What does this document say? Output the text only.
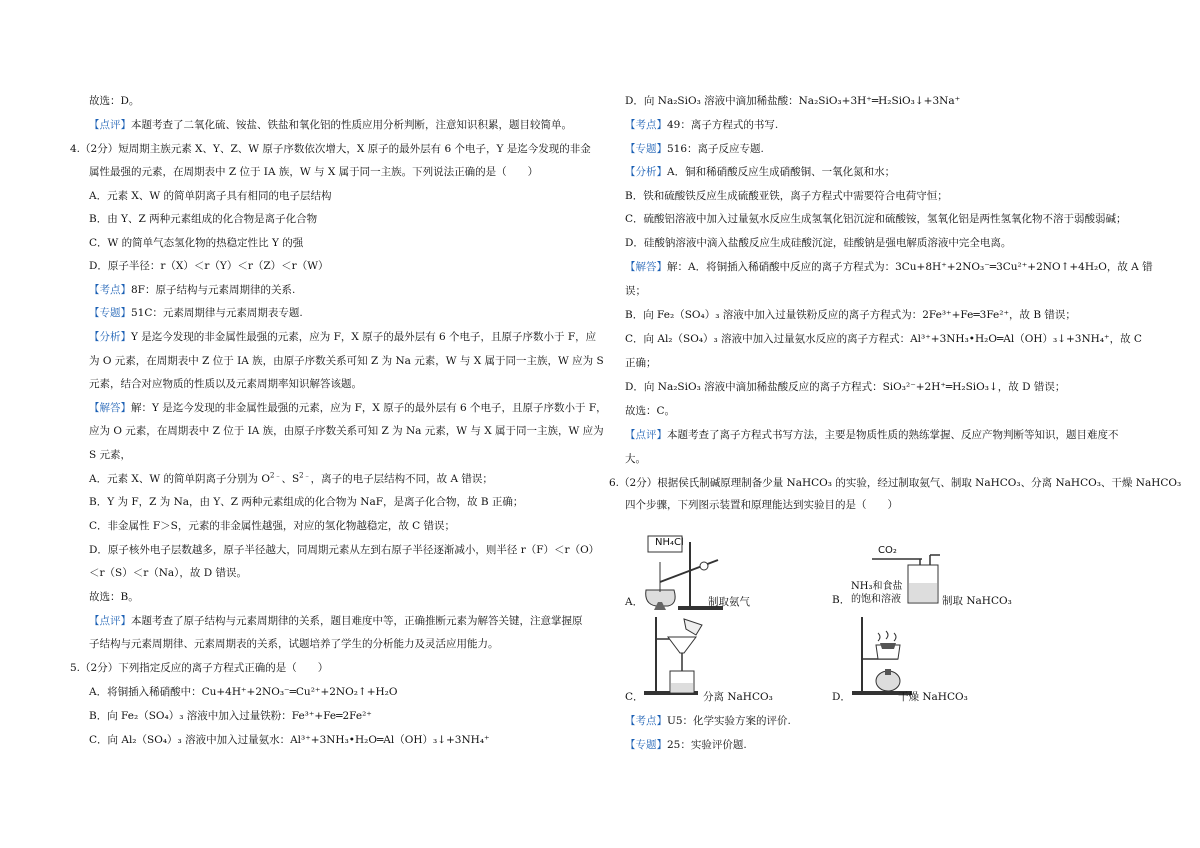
故选：D。
【点评】本题考查了二氧化硫、铵盐、铁盐和氧化铝的性质应用分析判断，注意知识积累，题目较简单。
4.（2分）短周期主族元素 X、Y、Z、W 原子序数依次增大，X 原子的最外层有 6 个电子，Y 是迄今发现的非金
属性最强的元素，在周期表中 Z 位于 IA 族，W 与 X 属于同一主族。下列说法正确的是（　　）
A．元素 X、W 的简单阴离子具有相同的电子层结构
B．由 Y、Z 两种元素组成的化合物是离子化合物
C．W 的简单气态氢化物的热稳定性比 Y 的强
D．原子半径：r（X）＜r（Y）＜r（Z）＜r（W）
【考点】8F：原子结构与元素周期律的关系.
【专题】51C：元素周期律与元素周期表专题.
【分析】Y 是迄今发现的非金属性最强的元素，应为 F，X 原子的最外层有 6 个电子，且原子序数小于 F，应
为 O 元素，在周期表中 Z 位于 IA 族，由原子序数关系可知 Z 为 Na 元素，W 与 X 属于同一主族，W 应为 S
元素，结合对应物质的性质以及元素周期率知识解答该题。
【解答】解：Y 是迄今发现的非金属性最强的元素，应为 F，X 原子的最外层有 6 个电子，且原子序数小于 F，
应为 O 元素，在周期表中 Z 位于 IA 族，由原子序数关系可知 Z 为 Na 元素，W 与 X 属于同一主族，W 应为
S 元素，
A．元素 X、W 的简单阴离子分别为 $O^{2﹣}$、$S^{2﹣}$，离子的电子层结构不同，故 A 错误；
B．Y 为 F，Z 为 Na，由 Y、Z 两种元素组成的化合物为 NaF，是离子化合物，故 B 正确；
C．非金属性 F＞S，元素的非金属性越强，对应的氢化物越稳定，故 C 错误；
D．原子核外电子层数越多，原子半径越大，同周期元素从左到右原子半径逐渐减小，则半径 r（F）＜r（O）
＜r（S）＜r（Na），故 D 错误。
故选：B。
【点评】本题考查了原子结构与元素周期律的关系，题目难度中等，正确推断元素为解答关键，注意掌握原
子结构与元素周期律、元素周期表的关系，试题培养了学生的分析能力及灵活应用能力。
5.（2分）下列指定反应的离子方程式正确的是（　　）
A．将铜插入稀硝酸中：Cu+4H⁺+2NO₃⁻═Cu²⁺+2NO₂↑+H₂O
B．向 Fe₂（SO₄）₃ 溶液中加入过量铁粉：Fe³⁺+Fe═2Fe²⁺
C．向 Al₂（SO₄）₃ 溶液中加入过量氨水：Al³⁺+3NH₃•H₂O═Al（OH）₃↓+3NH₄⁺
D．向 Na₂SiO₃ 溶液中滴加稀盐酸：Na₂SiO₃+3H⁺═H₂SiO₃↓+3Na⁺
【考点】49：离子方程式的书写.
【专题】516：离子反应专题.
【分析】A．铜和稀硝酸反应生成硝酸铜、一氧化氮和水；
B．铁和硫酸铁反应生成硫酸亚铁，离子方程式中需要符合电荷守恒；
C．硫酸铝溶液中加入过量氨水反应生成氢氧化铝沉淀和硫酸铵，氢氧化铝是两性氢氧化物不溶于弱酸弱碱；
D．硅酸钠溶液中滴入盐酸反应生成硅酸沉淀，硅酸钠是强电解质溶液中完全电离。
【解答】解：A．将铜插入稀硝酸中反应的离子方程式为：3Cu+8H⁺+2NO₃⁻═3Cu²⁺+2NO↑+4H₂O，故 A 错
误；
B．向 Fe₂（SO₄）₃ 溶液中加入过量铁粉反应的离子方程式为：2Fe³⁺+Fe═3Fe²⁺，故 B 错误；
C．向 Al₂（SO₄）₃ 溶液中加入过量氨水反应的离子方程式：Al³⁺+3NH₃•H₂O═Al（OH）₃↓+3NH₄⁺，故 C
正确；
D．向 Na₂SiO₃ 溶液中滴加稀盐酸反应的离子方程式：SiO₃²⁻+2H⁺═H₂SiO₃↓，故 D 错误；
故选：C。
【点评】本题考查了离子方程式书写方法，主要是物质性质的熟练掌握、反应产物判断等知识，题目难度不
大。
6.（2分）根据侯氏制碱原理制备少量 NaHCO₃ 的实验，经过制取氨气、制取 NaHCO₃、分离 NaHCO₃、干燥 NaHCO₃
四个步骤，下列图示装置和原理能达到实验目的是（　　）
NH₄Cl
A．	制取氨气
CO₂
NH₃和食盐
的饱和溶液
B．	制取 NaHCO₃
C．	分离 NaHCO₃	D．	干燥 NaHCO₃
【考点】U5：化学实验方案的评价.
【专题】25：实验评价题.
